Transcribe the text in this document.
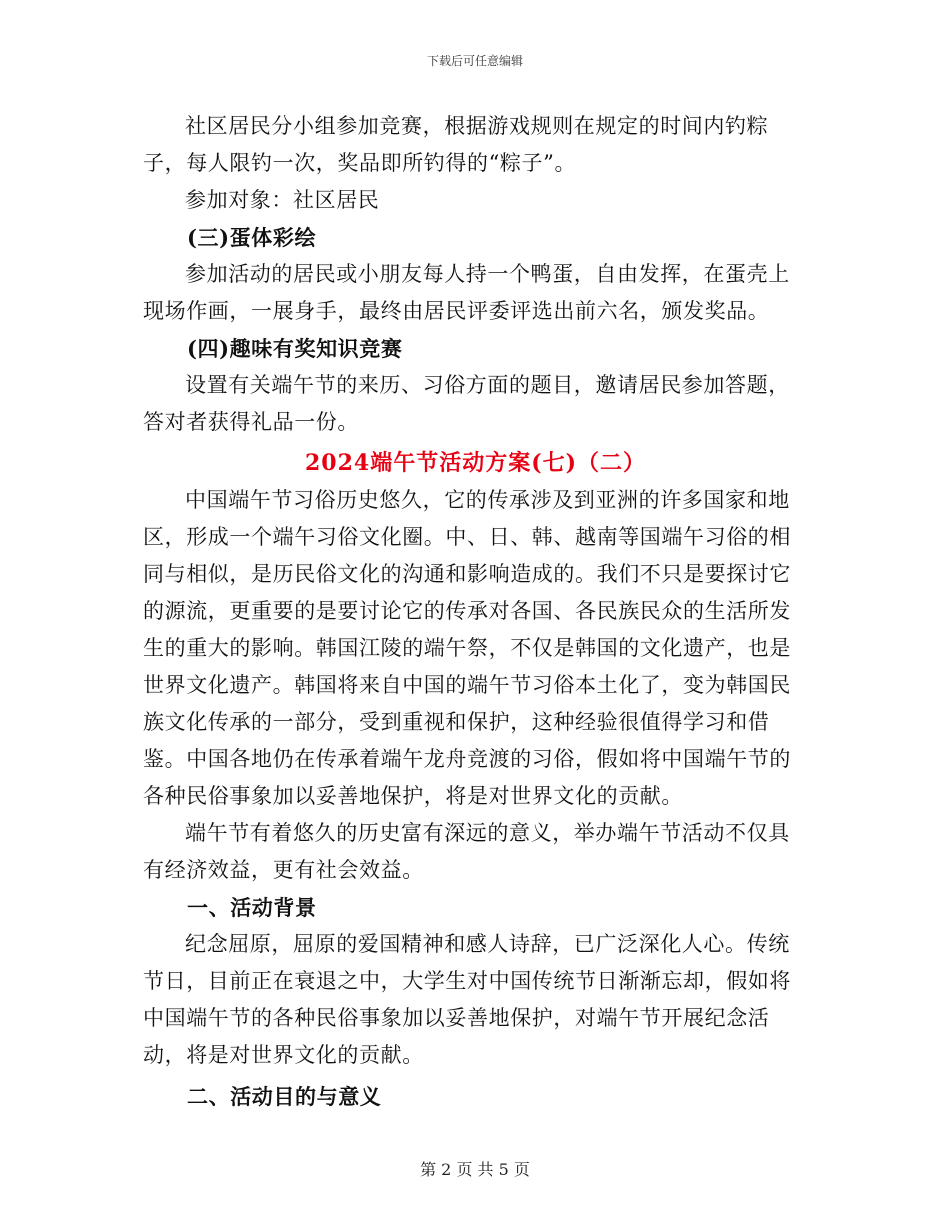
下载后可任意编辑

社区居民分小组参加竞赛，根据游戏规则在规定的时间内钓粽子，每人限钓一次，奖品即所钓得的“粽子”。

参加对象：社区居民

(三)蛋体彩绘

参加活动的居民或小朋友每人持一个鸭蛋，自由发挥，在蛋壳上现场作画，一展身手，最终由居民评委评选出前六名，颁发奖品。

(四)趣味有奖知识竞赛

设置有关端午节的来历、习俗方面的题目，邀请居民参加答题，答对者获得礼品一份。

2024端午节活动方案(七)（二）

中国端午节习俗历史悠久，它的传承涉及到亚洲的许多国家和地区，形成一个端午习俗文化圈。中、日、韩、越南等国端午习俗的相同与相似，是历民俗文化的沟通和影响造成的。我们不只是要探讨它的源流，更重要的是要讨论它的传承对各国、各民族民众的生活所发生的重大的影响。韩国江陵的端午祭，不仅是韩国的文化遗产，也是世界文化遗产。韩国将来自中国的端午节习俗本土化了，变为韩国民族文化传承的一部分，受到重视和保护，这种经验很值得学习和借鉴。中国各地仍在传承着端午龙舟竞渡的习俗，假如将中国端午节的各种民俗事象加以妥善地保护，将是对世界文化的贡献。

端午节有着悠久的历史富有深远的意义，举办端午节活动不仅具有经济效益，更有社会效益。

一、活动背景

纪念屈原，屈原的爱国精神和感人诗辞，已广泛深化人心。传统节日，目前正在衰退之中，大学生对中国传统节日渐渐忘却，假如将中国端午节的各种民俗事象加以妥善地保护，对端午节开展纪念活动，将是对世界文化的贡献。

二、活动目的与意义
第 2 页 共 5 页
